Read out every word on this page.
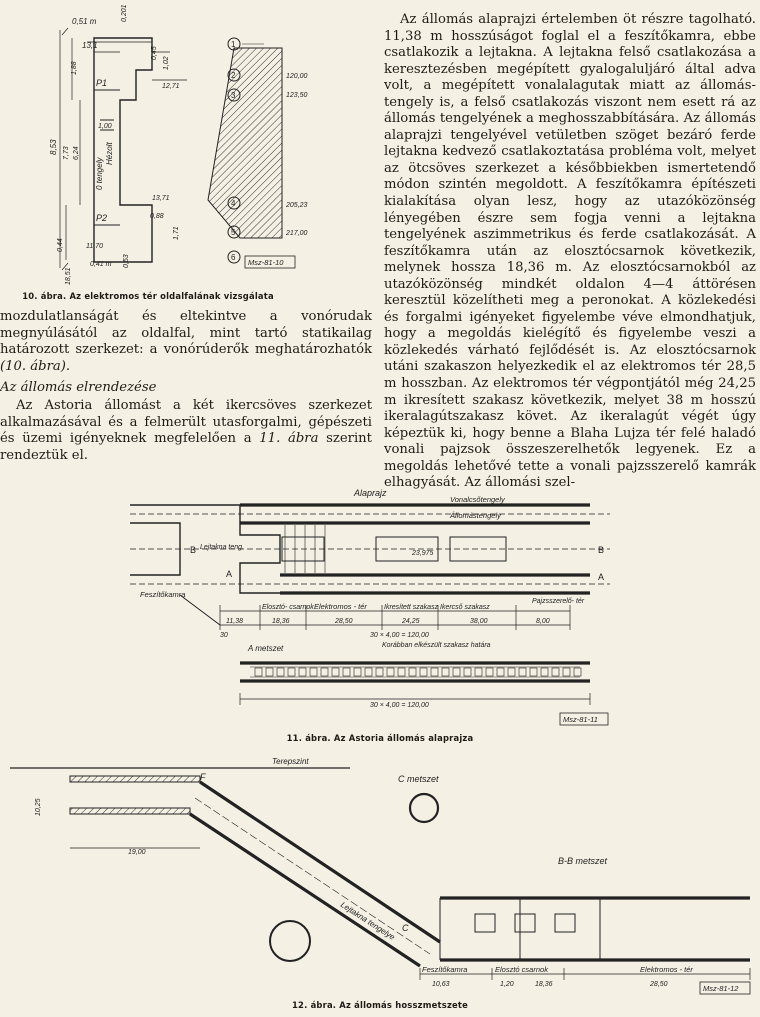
P1
P2
0,51 m	0,201
13,1
0,45
1,02
1,88
12,71
8,53 7,73 6,24
1,00
0 tengely
Hézolt
13,71
0,88
1,71
11,70
0,44
18,51
0,41 m 0,53
1
2
3
4
5
6
120,00
123,50
205,23
217,00
Msz-81-10
10. ábra. Az elektromos tér oldalfalának vizsgálata

mozdulatlanságát és eltekintve a vonórudak megnyúlásától az oldalfal, mint tartó statikailag határozott szerkezet: a vonórúderők meghatározhatók (10. ábra).

Az állomás elrendezése

Az Astoria állomást a két ikercsöves szerkezet alkalmazásával és a felmerült utasforgalmi, gépészeti és üzemi igényeknek megfelelően a 11. ábra szerint rendeztük el.

Az állomás alaprajzi értelemben öt részre tagolható. 11,38 m hosszúságot foglal el a feszítőkamra, ebbe csatlakozik a lejtakna. A lejtakna felső csatlakozása a keresztezésben megépített gyalogaluljáró által adva volt, a megépített vonalalagutak miatt az állomás-tengely is, a felső csatlakozás viszont nem esett rá az állomás tengelyének a meghosszabbítására. Az állomás alaprajzi tengelyével vetületben szöget bezáró ferde lejtakna kedvező csatlakoztatása probléma volt, melyet az ötcsöves szerkezet a későbbiekben ismertetendő módon szintén megoldott. A feszítőkamra építészeti kialakítása olyan lesz, hogy az utazóközönség lényegében észre sem fogja venni a lejtakna tengelyének aszimmetrikus és ferde csatlakozását. A feszítőkamra után az elosztócsarnok következik, melynek hossza 18,36 m. Az elosztócsarnokból az utazóközönség mindkét oldalon 4—4 áttörésen keresztül közelítheti meg a peronokat. A közlekedési és forgalmi igényeket figyelembe véve elmondhatjuk, hogy a megoldás kielégítő és figyelembe veszi a közlekedés várható fejlődését is. Az elosztócsarnok utáni szakaszon helyezkedik el az elektromos tér 28,5 m hosszban. Az elektromos tér végpontjától még 24,25 m ikresített szakasz következik, melyet 38 m hosszú ikeralagútszakasz követ. Az ikeralagút végét úgy képeztük ki, hogy benne a Blaha Lujza tér felé haladó vonali pajzsok összeszerelhetők legyenek. Ez a megoldás lehetővé tette a vonali pajzsszerelő kamrák elhagyását. Az állomási szel-

Alaprajz
B	B
A	A
Vonalcsőtengely
Állomástengely
Lejtakna teng.
Feszítőkamra
23,975
Elosztó- csarnok Elektromos - tér Ikresített szakasz Ikercső szakasz
Pajzsszerelő- tér
11,38	18,36	28,50	24,25	38,00	8,00
30	30 × 4,00 = 120,00
A metszet	Korábban elkészült szakasz határa
30 × 4,00 = 120,00
Msz-81-11
11. ábra. Az Astoria állomás alaprajza
Terepszint
Lejtakna tengelye
F	C metszet
C
B-B metszet
Feszítőkamra	Elosztó csarnok	Elektromos - tér
10,63	1,20	18,36	28,50
19,00
10,25
Msz-81-12
12. ábra. Az állomás hosszmetszete
